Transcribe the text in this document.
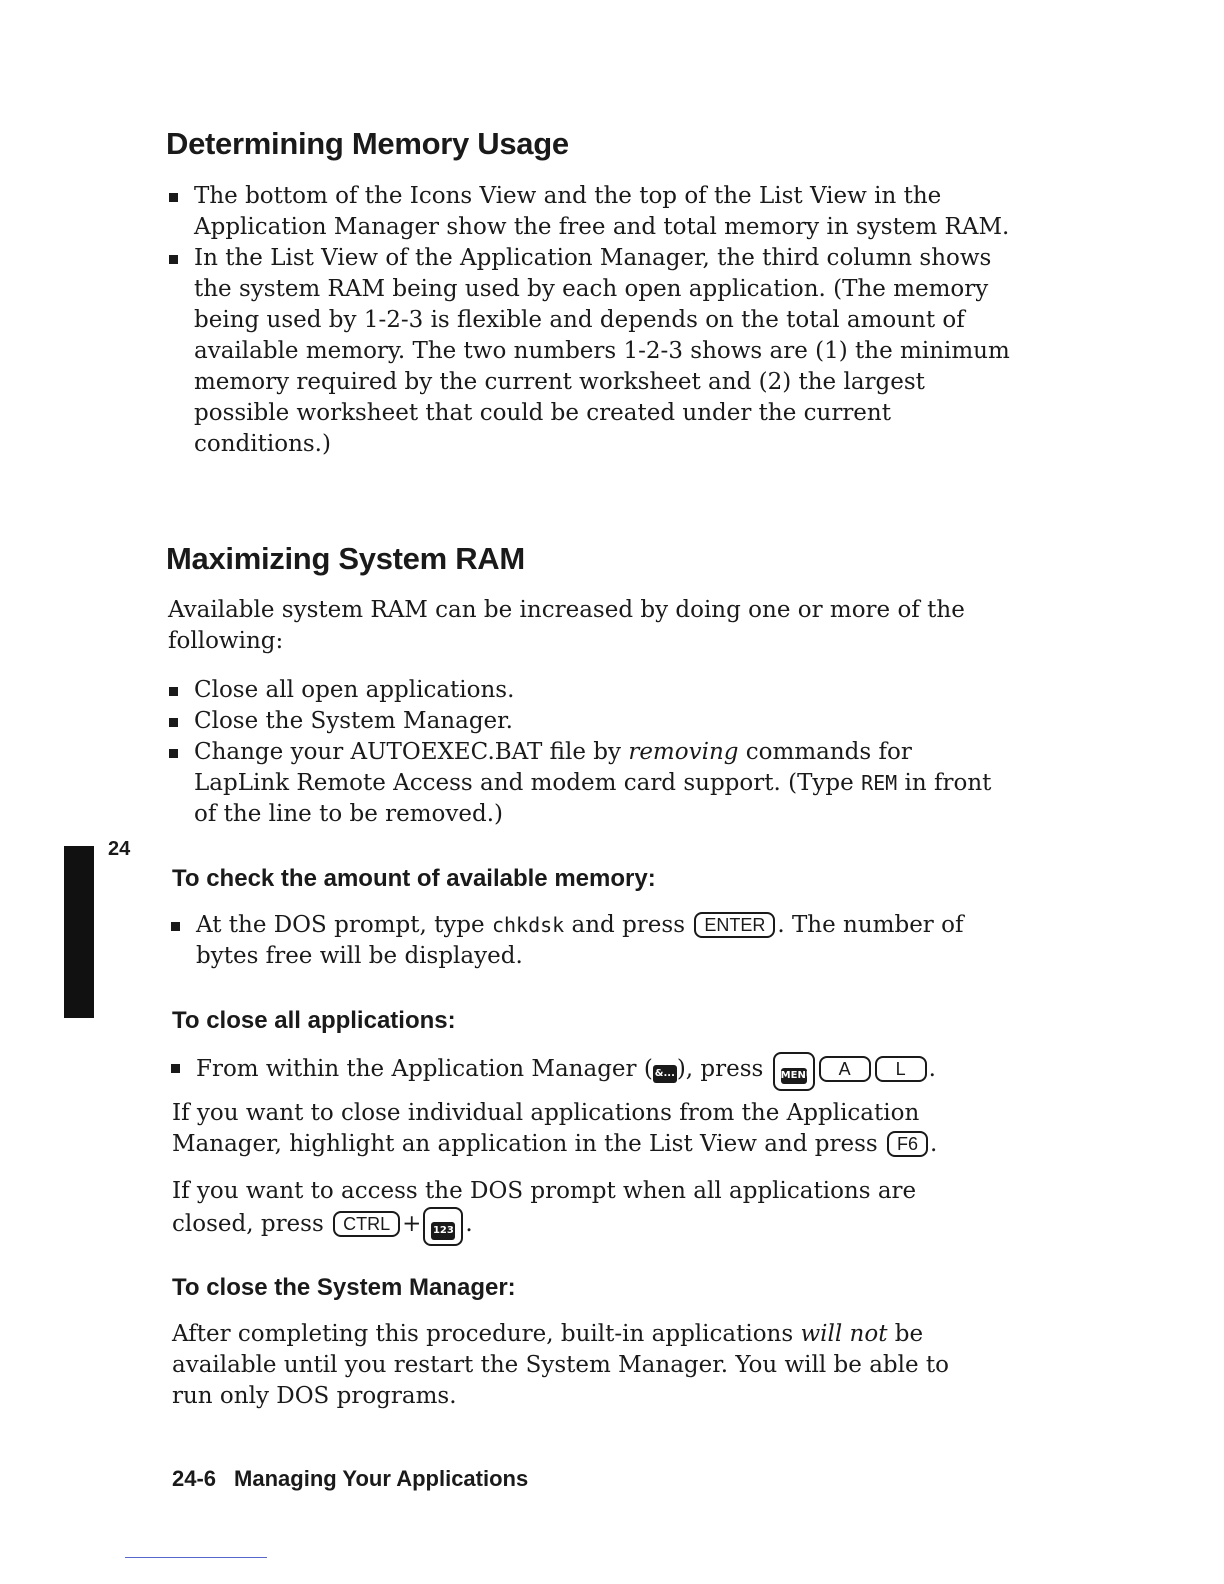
Determining Memory Usage
The bottom of the Icons View and the top of the List View in the Application Manager show the free and total memory in system RAM.
In the List View of the Application Manager, the third column shows the system RAM being used by each open application. (The memory being used by 1-2-3 is flexible and depends on the total amount of available memory. The two numbers 1-2-3 shows are (1) the minimum memory required by the current worksheet and (2) the largest possible worksheet that could be created under the current conditions.)
Maximizing System RAM

Available system RAM can be increased by doing one or more of the following:

Close all open applications.
Close the System Manager.
Change your AUTOEXEC.BAT file by removing commands for LapLink Remote Access and modem card support. (Type REM in front of the line to be removed.)
24
To check the amount of available memory:
At the DOS prompt, type chkdsk and press ENTER . The number of bytes free will be displayed.
To close all applications:
From within the Application Manager ( &...), press MENU A L .

If you want to close individual applications from the Application Manager, highlight an application in the List View and press F6 .

If you want to access the DOS prompt when all applications are closed, press CTRL + 123 .

To close the System Manager:

After completing this procedure, built-in applications will not be available until you restart the System Manager. You will be able to run only DOS programs.

24-6 Managing Your Applications
